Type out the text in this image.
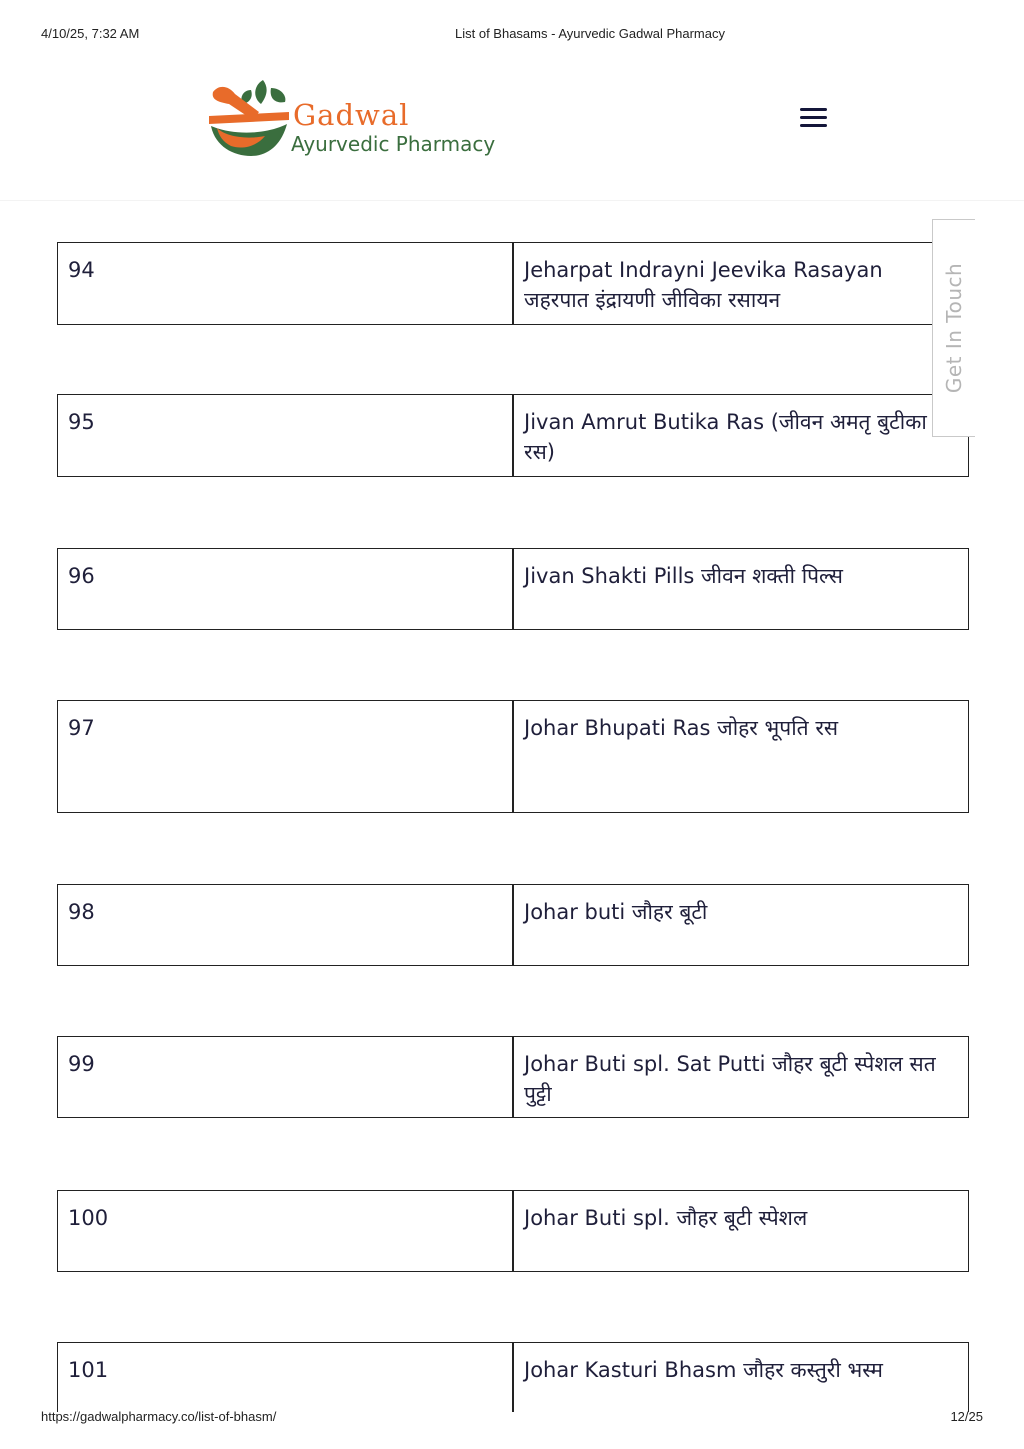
4/10/25, 7:32 AM	List of Bhasams - Ayurvedic Gadwal Pharmacy
Gadwal
Ayurvedic Pharmacy
94	Jeharpat Indrayni Jeevika Rasayan जहरपात इंद्रायणी जीविका रसायन
95	Jivan Amrut Butika Ras (जीवन अमतृ बुटीका रस)
96	Jivan Shakti Pills जीवन शक्ती पिल्स
97	Johar Bhupati Ras जोहर भूपति रस
98	Johar buti जौहर बूटी
99	Johar Buti spl. Sat Putti जौहर बूटी स्पेशल सत पुट्टी
100	Johar Buti spl. जौहर बूटी स्पेशल
101	Johar Kasturi Bhasm जौहर कस्तुरी भस्म
Get In Touch
https://gadwalpharmacy.co/list-of-bhasm/	12/25
